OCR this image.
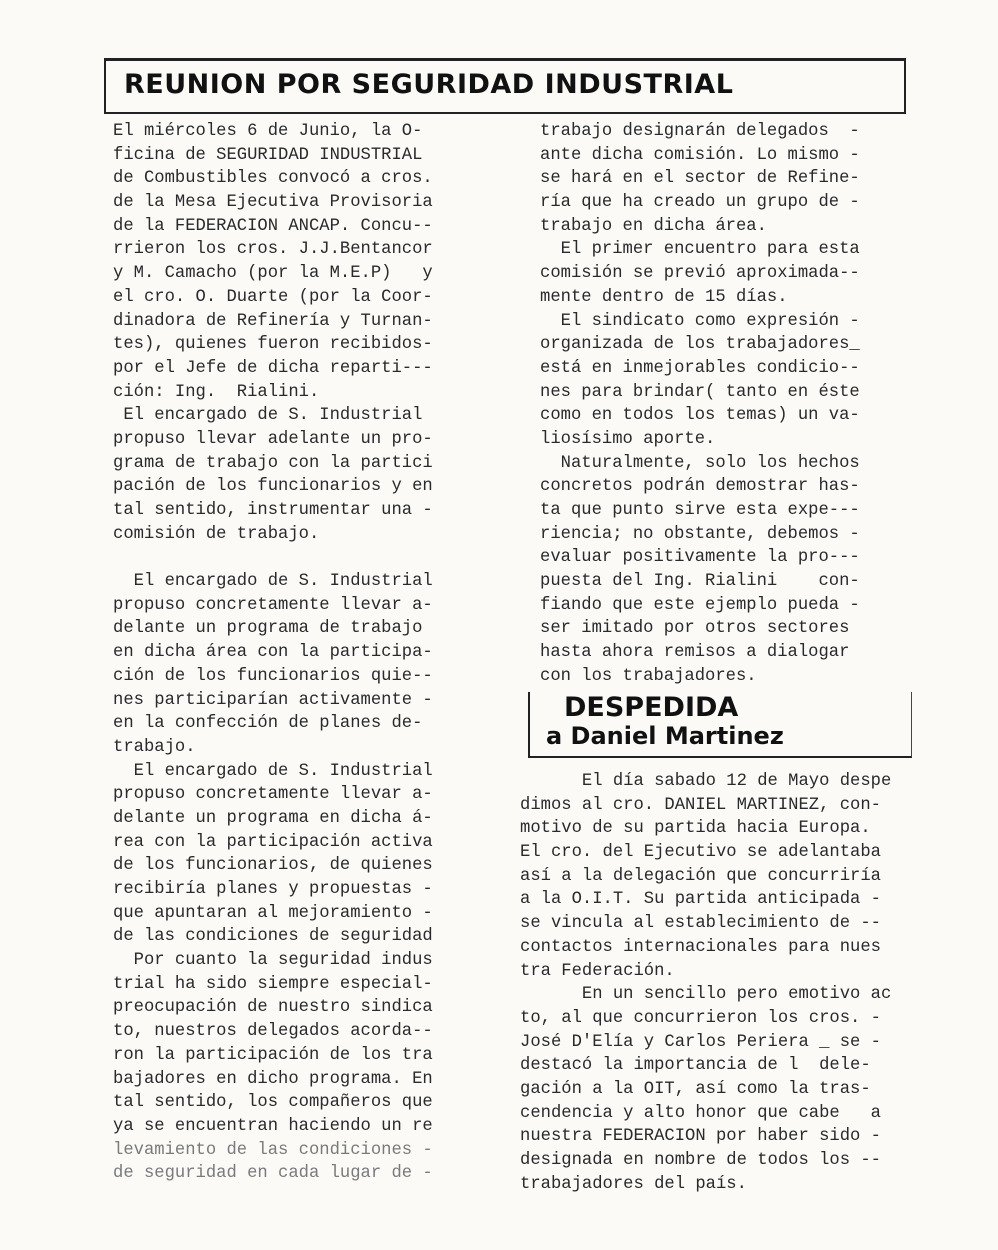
REUNION POR SEGURIDAD INDUSTRIAL
El miércoles 6 de Junio, la O-
ficina de SEGURIDAD INDUSTRIAL
de Combustibles convocó a cros.
de la Mesa Ejecutiva Provisoria
de la FEDERACION ANCAP. Concu--
rrieron los cros. J.J.Bentancor
y M. Camacho (por la M.E.P)   y
el cro. O. Duarte (por la Coor-
dinadora de Refinería y Turnan-
tes), quienes fueron recibidos-
por el Jefe de dicha reparti---
ción: Ing.  Rialini.
El encargado de S. Industrial
propuso llevar adelante un pro-
grama de trabajo con la partici
pación de los funcionarios y en
tal sentido, instrumentar una -
comisión de trabajo.
El encargado de S. Industrial
propuso concretamente llevar a-
delante un programa de trabajo
en dicha área con la participa-
ción de los funcionarios quie--
nes participarían activamente -
en la confección de planes de-
trabajo.
El encargado de S. Industrial
propuso concretamente llevar a-
delante un programa en dicha á-
rea con la participación activa
de los funcionarios, de quienes
recibiría planes y propuestas -
que apuntaran al mejoramiento -
de las condiciones de seguridad
Por cuanto la seguridad indus
trial ha sido siempre especial-
preocupación de nuestro sindica
to, nuestros delegados acorda--
ron la participación de los tra
bajadores en dicho programa. En
tal sentido, los compañeros que
ya se encuentran haciendo un re
levamiento de las condiciones -
de seguridad en cada lugar de -
trabajo designarán delegados  -
ante dicha comisión. Lo mismo -
se hará en el sector de Refine-
ría que ha creado un grupo de -
trabajo en dicha área.
El primer encuentro para esta
comisión se previó aproximada--
mente dentro de 15 días.
El sindicato como expresión -
organizada de los trabajadores_
está en inmejorables condicio--
nes para brindar( tanto en éste
como en todos los temas) un va-
liosísimo aporte.
Naturalmente, solo los hechos
concretos podrán demostrar has-
ta que punto sirve esta expe---
riencia; no obstante, debemos -
evaluar positivamente la pro---
puesta del Ing. Rialini    con-
fiando que este ejemplo pueda -
ser imitado por otros sectores
hasta ahora remisos a dialogar
con los trabajadores.
DESPEDIDA
a Daniel Martinez
El día sabado 12 de Mayo despe
dimos al cro. DANIEL MARTINEZ, con-
motivo de su partida hacia Europa.
El cro. del Ejecutivo se adelantaba
así a la delegación que concurriría
a la O.I.T. Su partida anticipada -
se vincula al establecimiento de --
contactos internacionales para nues
tra Federación.
En un sencillo pero emotivo ac
to, al que concurrieron los cros. -
José D'Elía y Carlos Periera _ se -
destacó la importancia de l  dele-
gación a la OIT, así como la tras-
cendencia y alto honor que cabe   a
nuestra FEDERACION por haber sido -
designada en nombre de todos los --
trabajadores del país.
